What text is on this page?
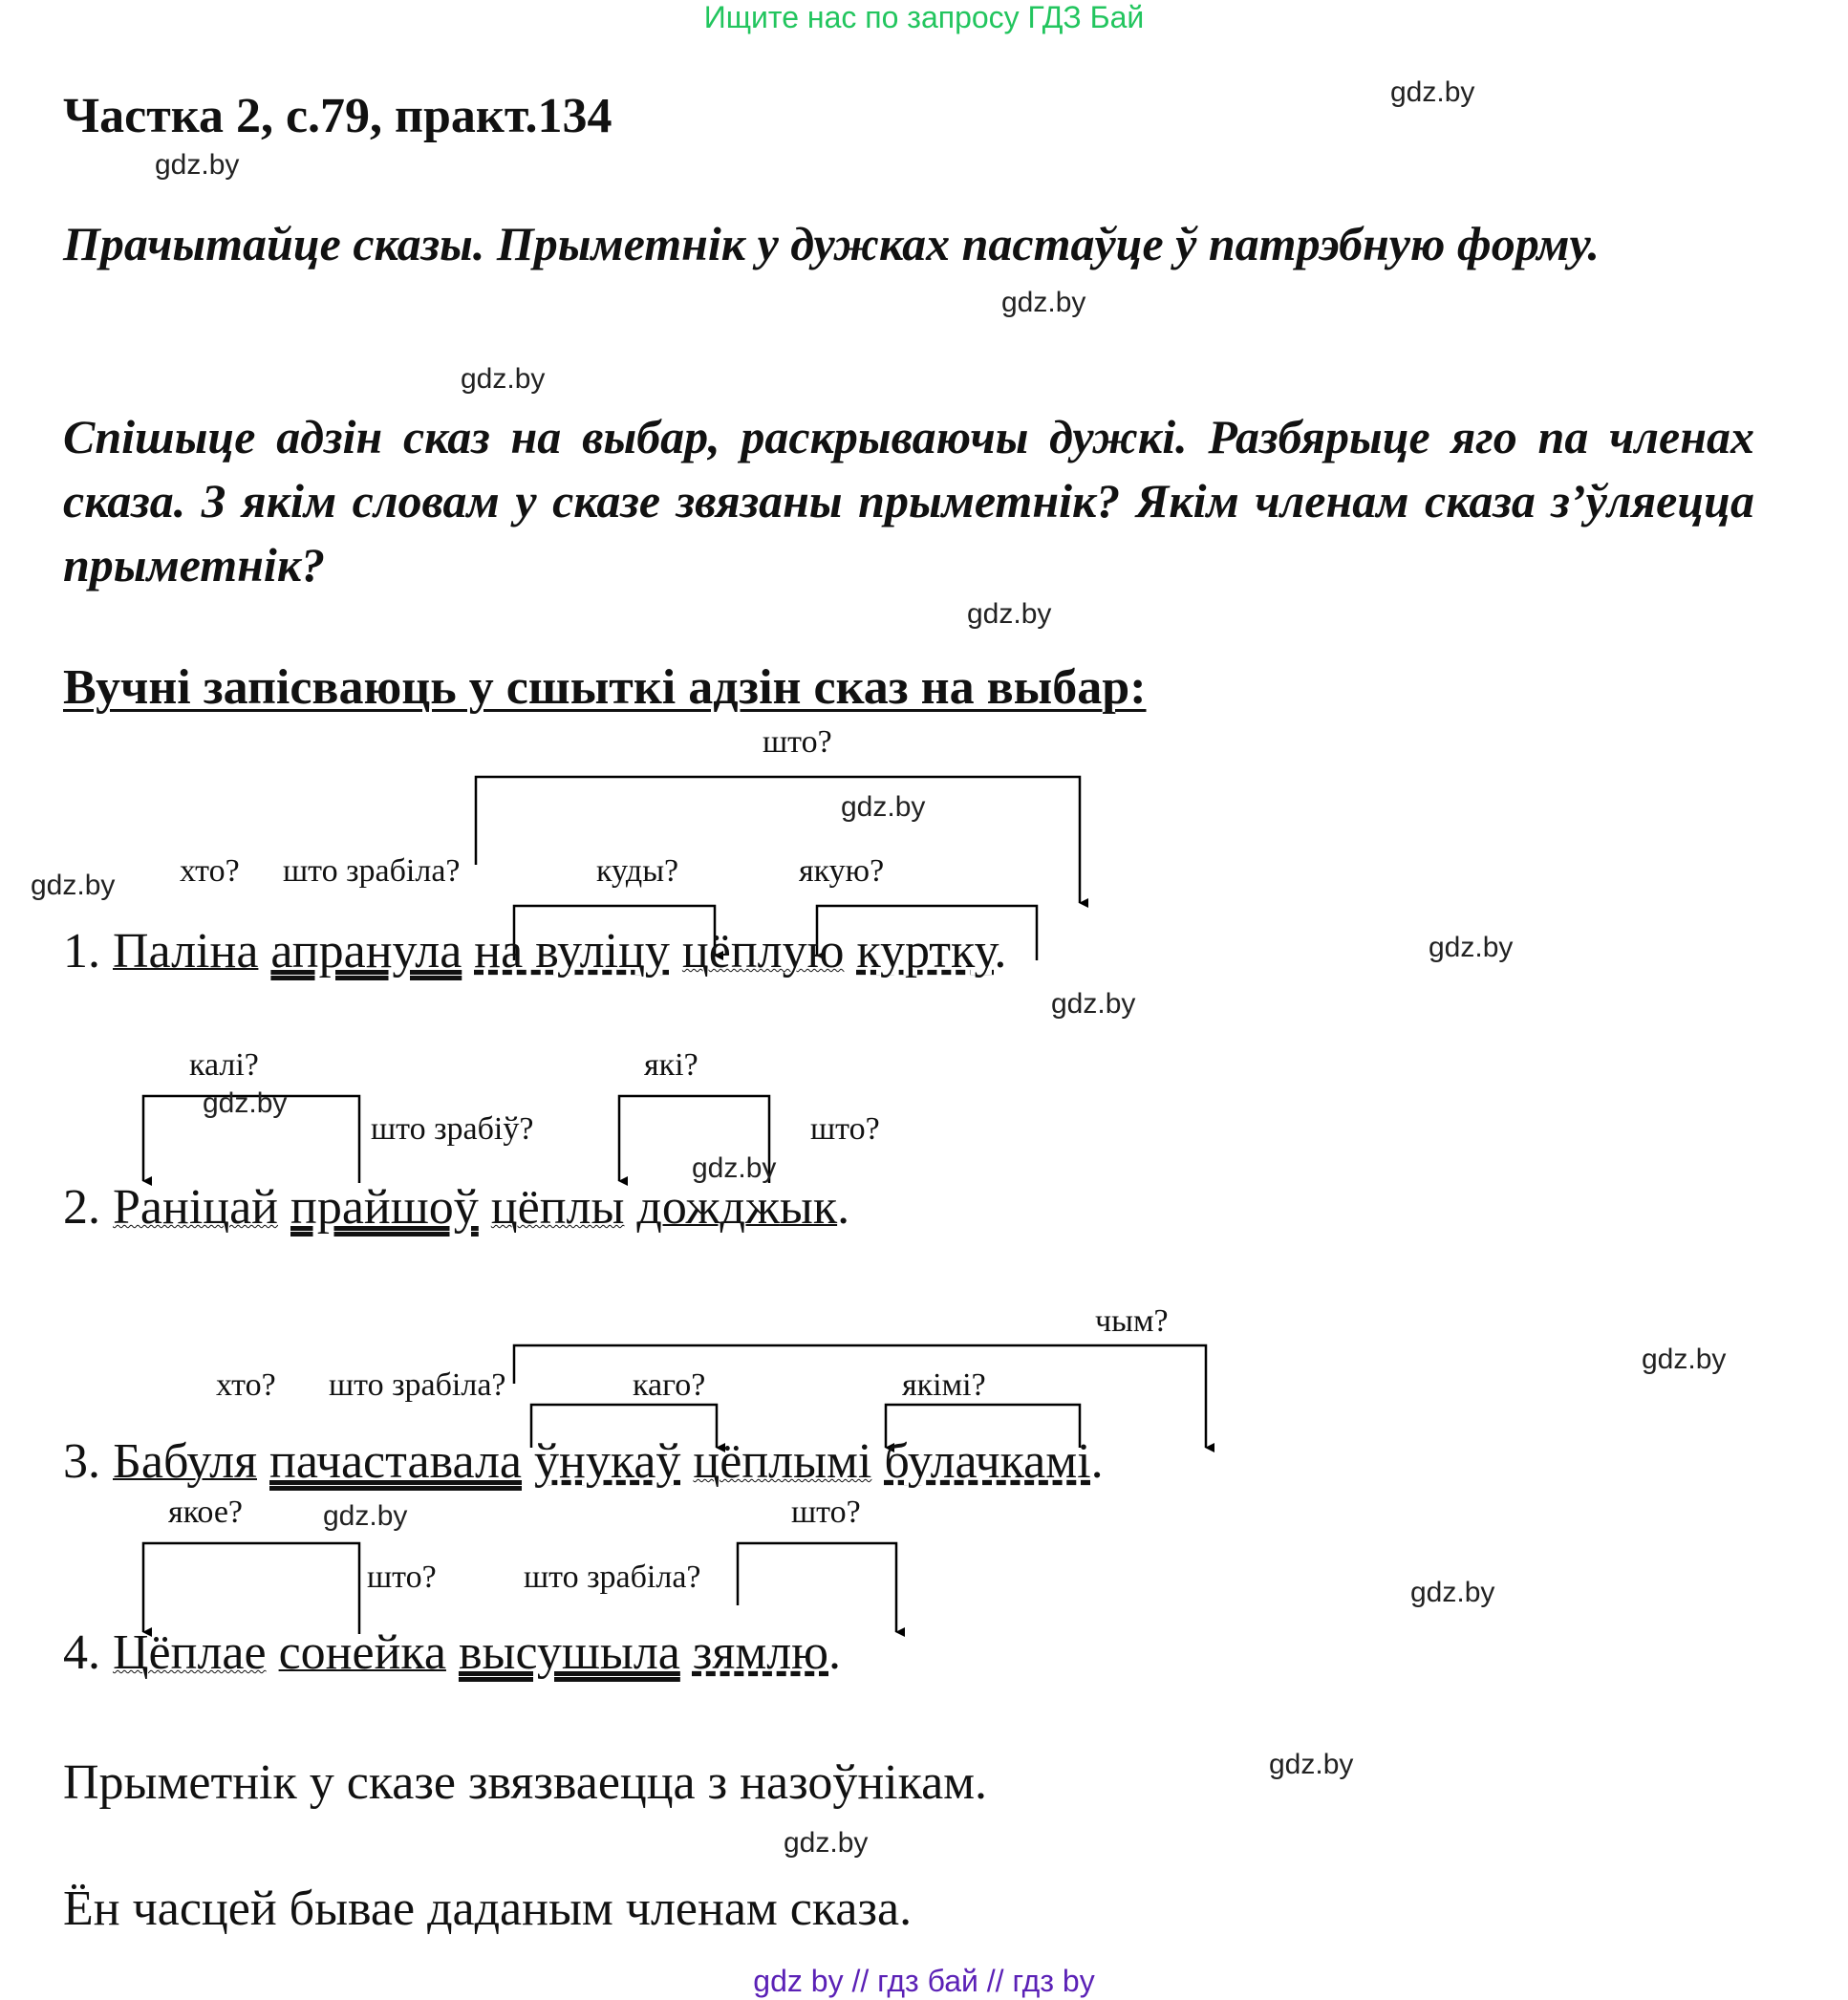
Ищите нас по запросу ГДЗ Бай
Частка 2, с.79, практ.134
Прачытайце сказы. Прыметнік у дужках пастаўце ў патрэбную форму.
Спішыце адзін сказ на выбар, раскрываючы дужкі. Разбярыце яго па членах сказа. З якім словам у сказе звязаны прыметнік? Якім членам сказа з’ўляецца прыметнік?
Вучні запісваюць у сшыткі адзін сказ на выбар:
што?
хто? што зрабіла?	куды?	якую?
1. Паліна апранула на вуліцу цёплую куртку.
калі?
што зрабіў?
які?
што?
2. Раніцай прайшоў цёплы дожджык.
чым?
хто? што зрабіла?	каго?	якімі?
3. Бабуля пачаставала ўнукаў цёплымі булачкамі.
якое?
што?	што зрабіла?
што?
4. Цёплае сонейка высушыла зямлю.
Прыметнік у сказе звязваецца з назоўнікам.
Ён часцей бывае даданым членам сказа.
gdz.by
gdz.by
gdz.by
gdz.by
gdz.by
gdz.by
gdz.by
gdz.by
gdz.by
gdz.by
gdz.by
gdz.by
gdz.by
gdz.by
gdz.by
gdz.by
gdz by // гдз бай // гдз by
